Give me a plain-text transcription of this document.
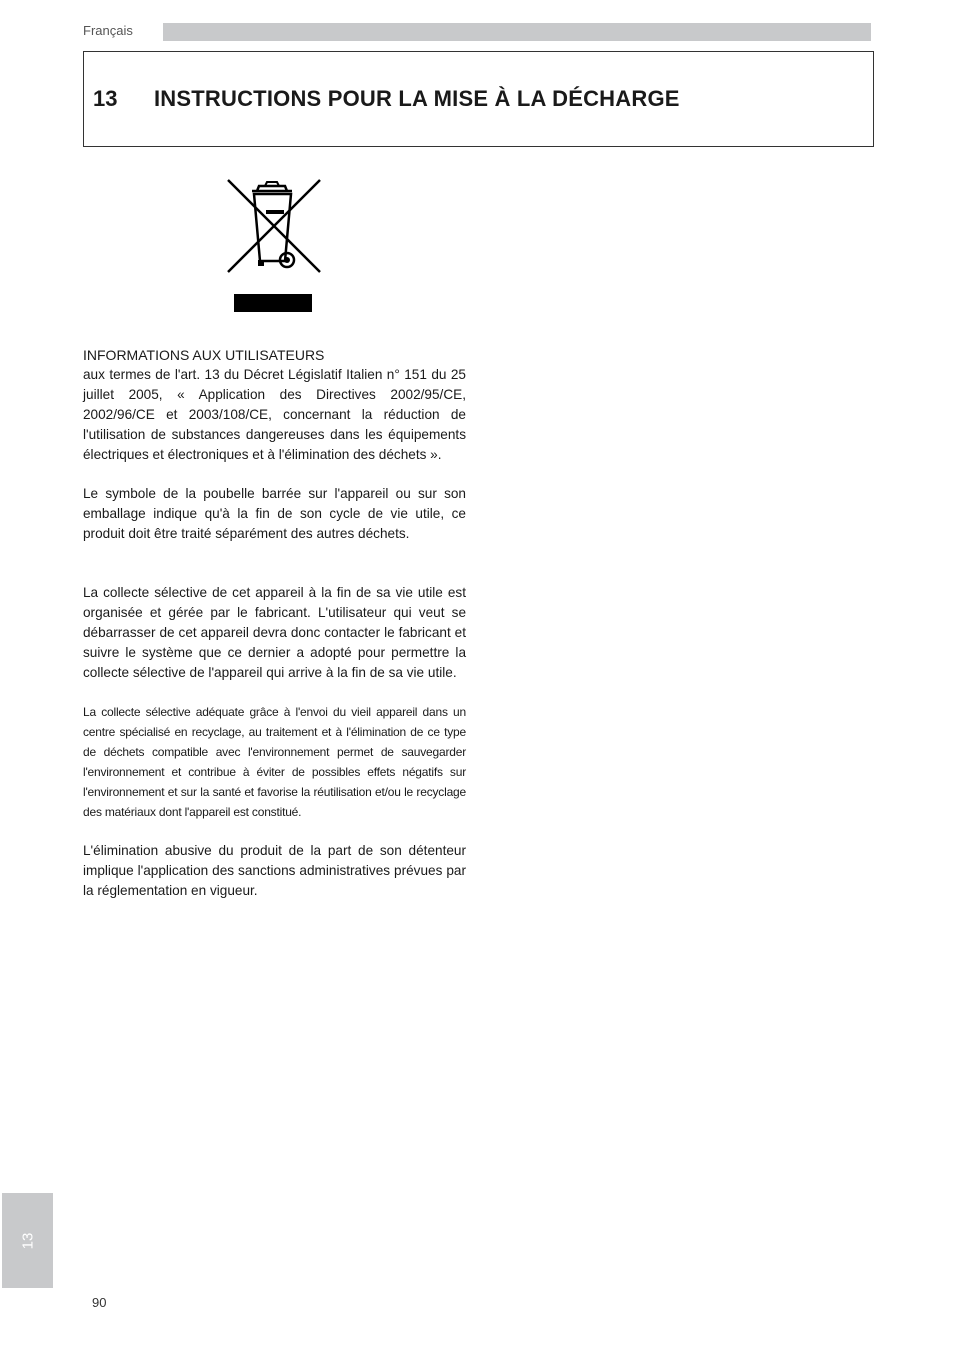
Français
13 INSTRUCTIONS POUR LA MISE À LA DÉCHARGE

INFORMATIONS AUX UTILISATEURS

aux termes de l'art. 13 du Décret Législatif Italien n° 151 du 25 juillet 2005, « Application des Directives 2002/95/CE, 2002/96/CE et 2003/108/CE, concernant la réduction de l'utilisation de substances dangereuses dans les équipements électriques et électroniques et à l'élimination des déchets ».

Le symbole de la poubelle barrée sur l'appareil ou sur son emballage indique qu'à la fin de son cycle de vie utile, ce produit doit être traité séparément des autres déchets.

La collecte sélective de cet appareil à la fin de sa vie utile est organisée et gérée par le fabricant. L'utilisateur qui veut se débarrasser de cet appareil devra donc contacter le fabricant et suivre le système que ce dernier a adopté pour permettre la collecte sélective de l'appareil qui arrive à la fin de sa vie utile.

La collecte sélective adéquate grâce à l'envoi du vieil appareil dans un centre spécialisé en recyclage, au traitement et à l'élimination de ce type de déchets compatible avec l'environnement permet de sauvegarder l'environnement et contribue à éviter de possibles effets négatifs sur l'environnement et sur la santé et favorise la réutilisation et/ou le recyclage des matériaux dont l'appareil est constitué.

L'élimination abusive du produit de la part de son détenteur implique l'application des sanctions administratives prévues par la réglementation en vigueur.

13
90
